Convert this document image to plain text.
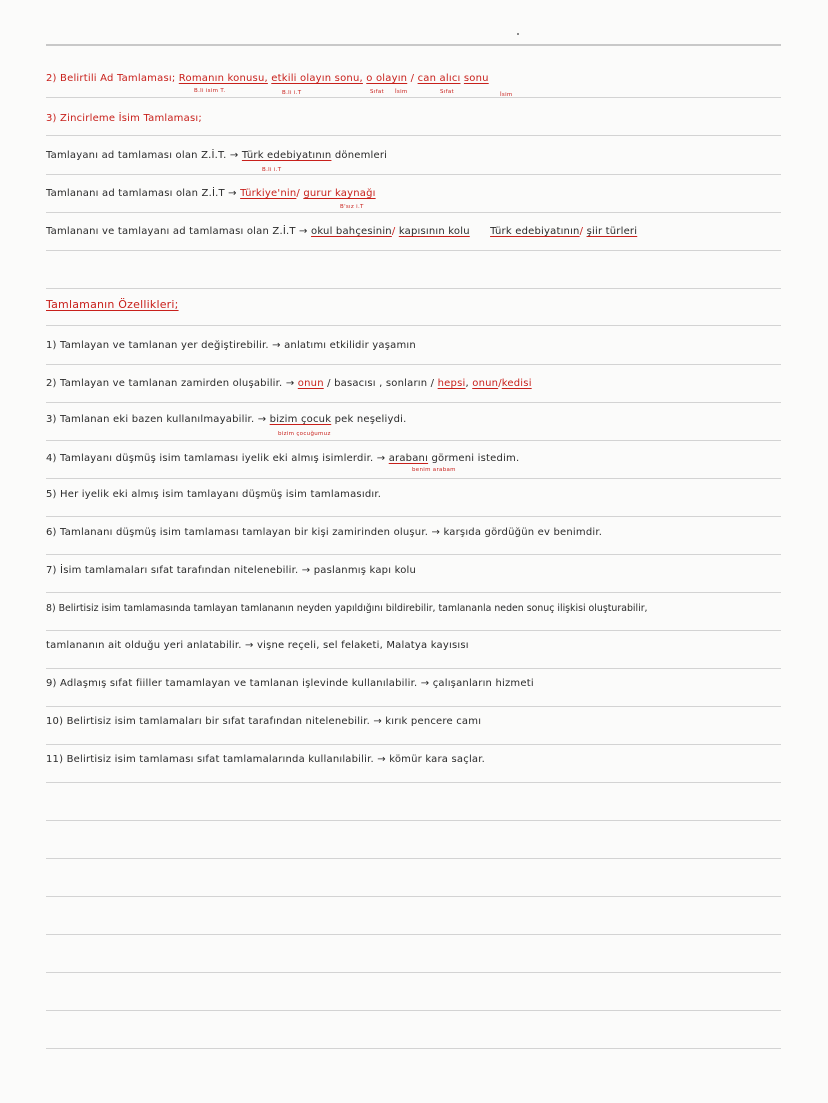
2) Belirtili Ad Tamlaması; Romanın konusu, etkili olayın sonu, o olayın / can alıcı sonu
B.li isim T.	B.li i.T	Sıfat İsim	Sıfat	İsim
3) Zincirleme İsim Tamlaması;
Tamlayanı ad tamlaması olan Z.İ.T. → Türk edebiyatının dönemleri
B.li i.T
Tamlananı ad tamlaması olan Z.İ.T → Türkiye'nin/ gurur kaynağı
B'sız i.T
Tamlananı ve tamlayanı ad tamlaması olan Z.İ.T → okul bahçesinin/ kapısının kolu Türk edebiyatının/ şiir türleri
Tamlamanın Özellikleri;
1) Tamlayan ve tamlanan yer değiştirebilir. → anlatımı etkilidir yaşamın
2) Tamlayan ve tamlanan zamirden oluşabilir. → onun / basacısı , sonların / hepsi, onun/kedisi
3) Tamlanan eki bazen kullanılmayabilir. → bizim çocuk pek neşeliydi.
bizim çocuğumuz
4) Tamlayanı düşmüş isim tamlaması iyelik eki almış isimlerdir. → arabanı görmeni istedim.
benim arabam
5) Her iyelik eki almış isim tamlayanı düşmüş isim tamlamasıdır.
6) Tamlananı düşmüş isim tamlaması tamlayan bir kişi zamirinden oluşur. → karşıda gördüğün ev benimdir.
7) İsim tamlamaları sıfat tarafından nitelenebilir. → paslanmış kapı kolu
8) Belirtisiz isim tamlamasında tamlayan tamlananın neyden yapıldığını bildirebilir, tamlananla neden sonuç ilişkisi oluşturabilir,
tamlananın ait olduğu yeri anlatabilir. → vişne reçeli, sel felaketi, Malatya kayısısı
9) Adlaşmış sıfat fiiller tamamlayan ve tamlanan işlevinde kullanılabilir. → çalışanların hizmeti
10) Belirtisiz isim tamlamaları bir sıfat tarafından nitelenebilir. → kırık pencere camı
11) Belirtisiz isim tamlaması sıfat tamlamalarında kullanılabilir. → kömür kara saçlar.
